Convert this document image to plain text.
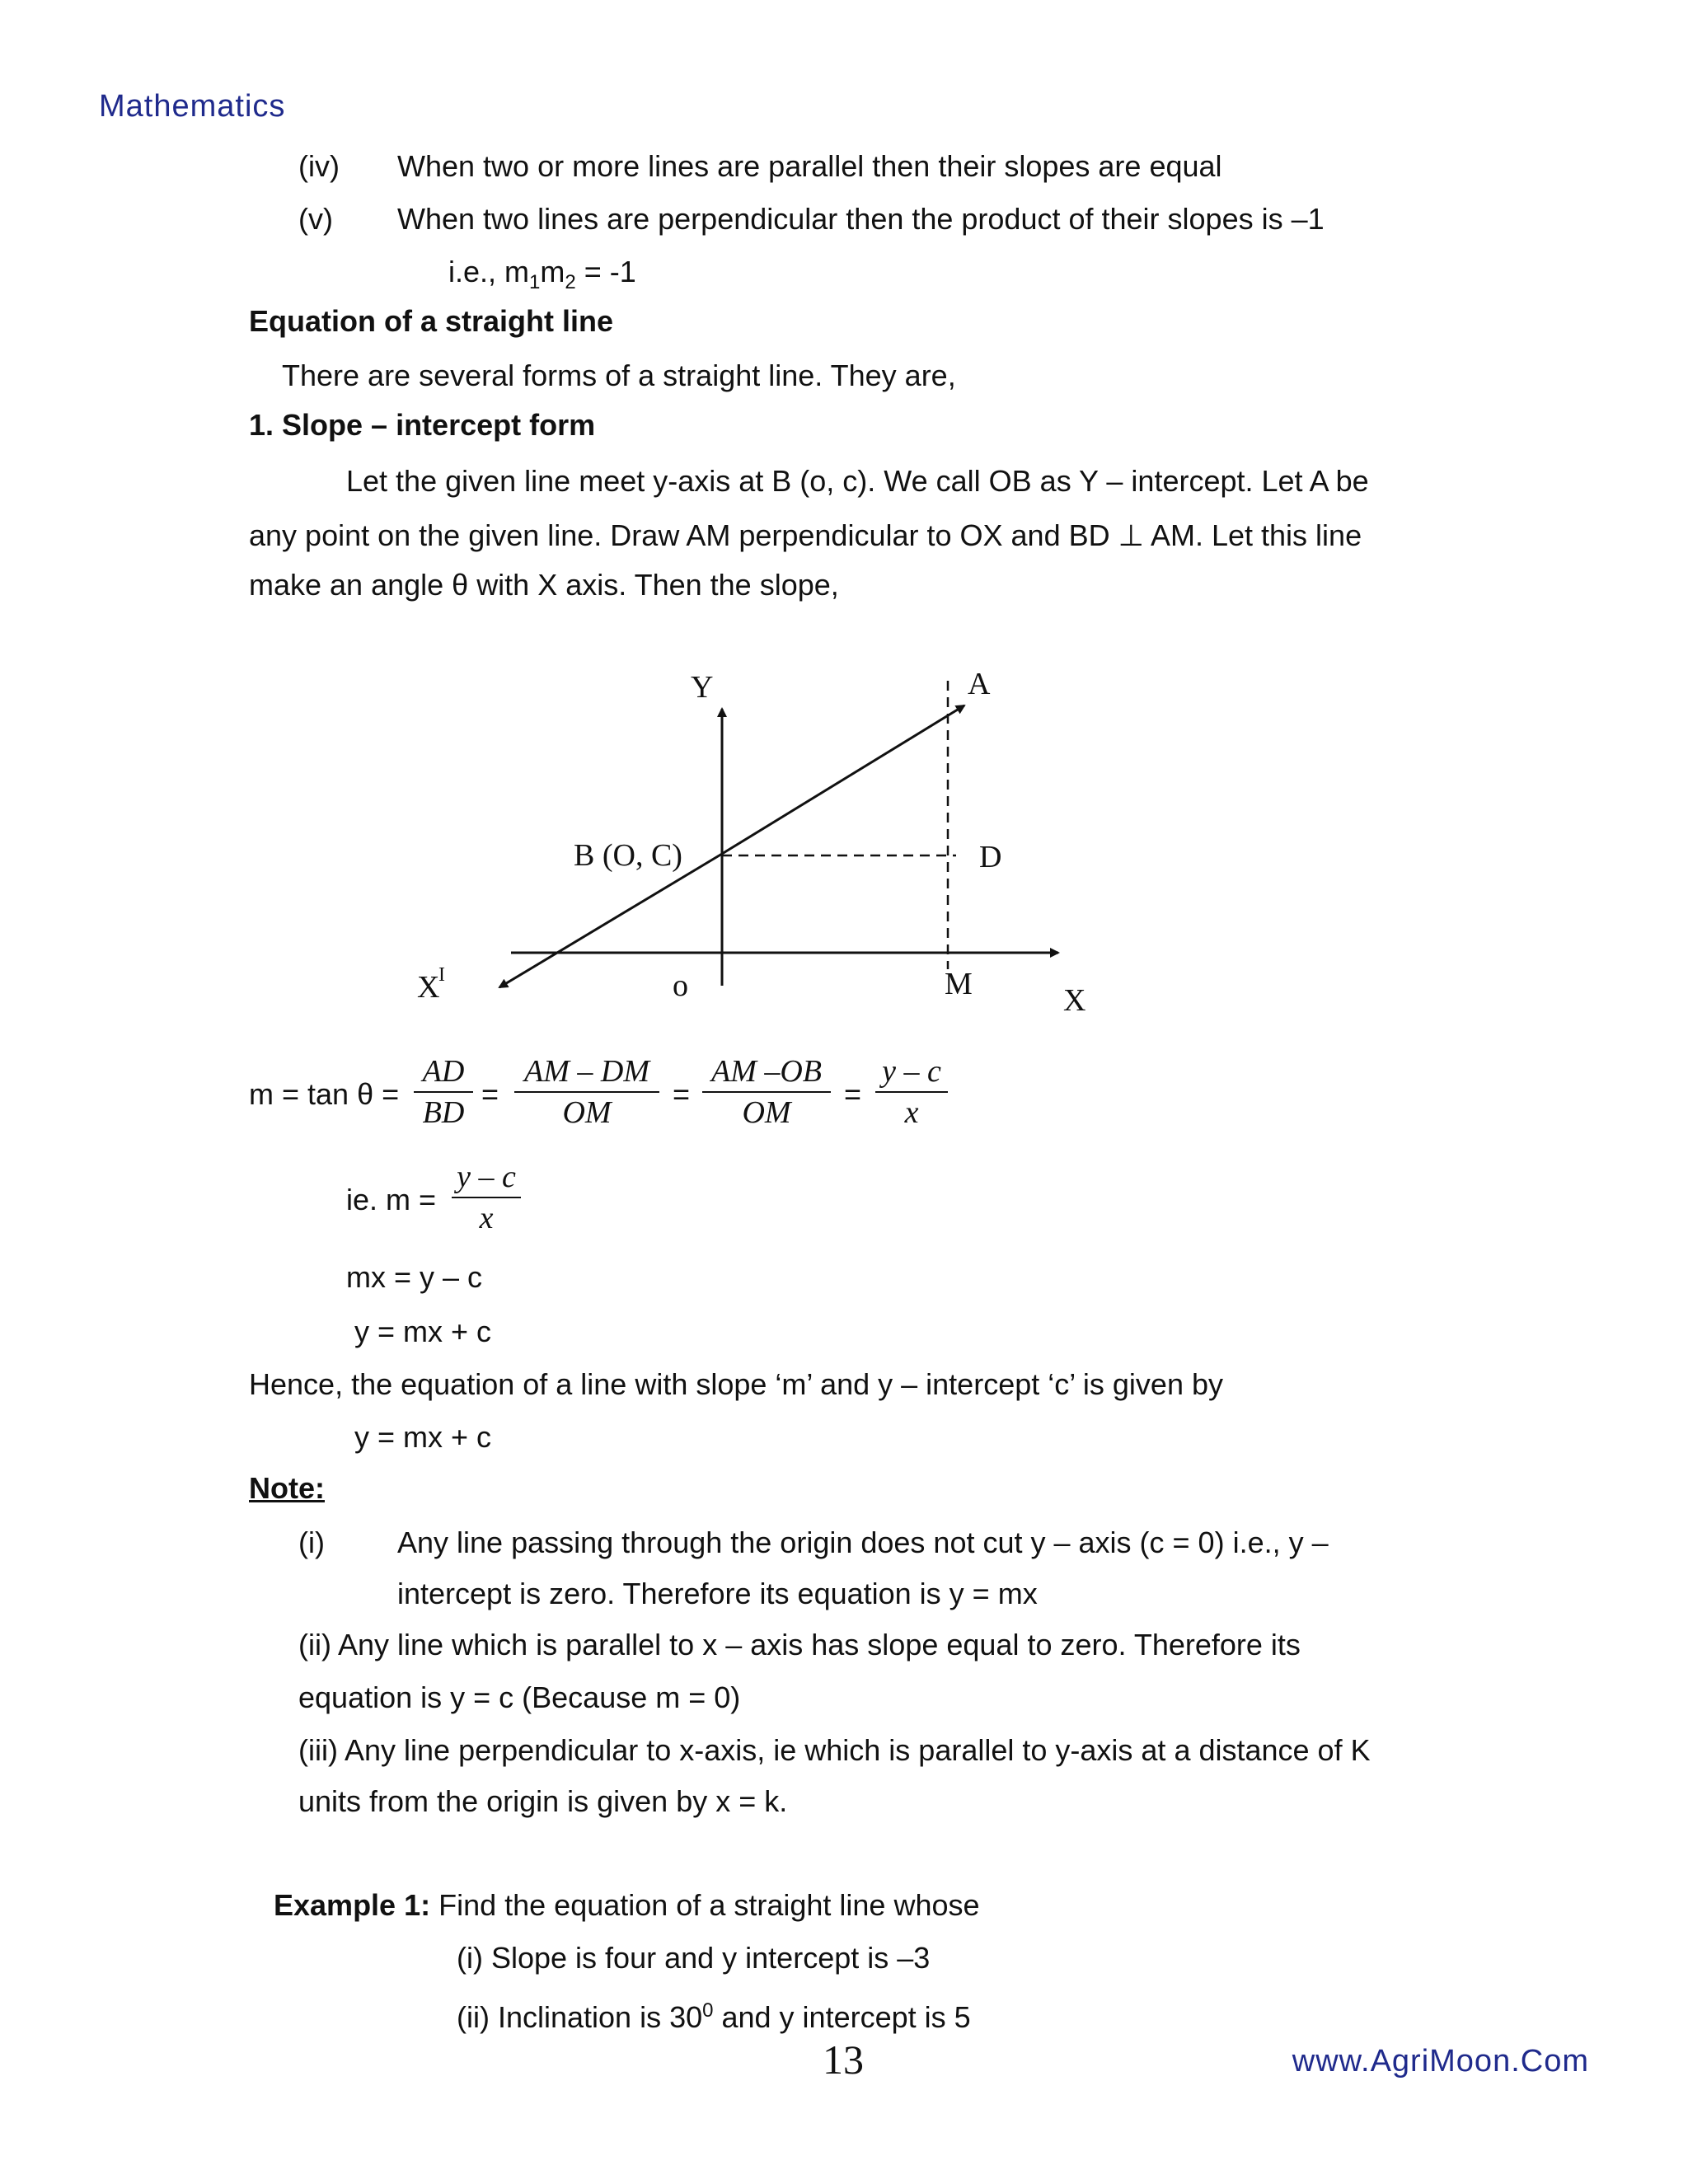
Mathematics
(iv) When two or more lines are parallel then their slopes are equal
(v) When two lines are perpendicular then the product of their slopes is –1
i.e., $m_1m_2 = -1$
Equation of a straight line
There are several forms of a straight line. They are,
1. Slope – intercept form
Let the given line meet y-axis at B (o, c). We call OB as Y – intercept. Let A be
any point on the given line. Draw AM perpendicular to OX and BD ⊥ AM. Let this line
make an angle θ with X axis. Then the slope,
Y	A
B (O, C)	D
X
I	o	M	X
$m = \tan \theta = \frac{AD}{BD} = \frac{AM - DM}{OM} = \frac{AM -OB}{OM} = \frac{y - c}{x}$
ie. $m = \frac{y - c}{x}$
mx = y – c
y = mx + c
Hence, the equation of a line with slope ‘m’ and y – intercept ‘c’ is given by
y = mx + c
Note:
(i) Any line passing through the origin does not cut y – axis (c = 0) i.e., y –
intercept is zero. Therefore its equation is y = mx
(ii) Any line which is parallel to x – axis has slope equal to zero. Therefore its
equation is y = c (Because m = 0)
(iii) Any line perpendicular to x-axis, ie which is parallel to y-axis at a distance of K
units from the origin is given by x = k.
Example 1: Find the equation of a straight line whose
(i) Slope is four and y intercept is –3
(ii) Inclination is $30^0$ and y intercept is 5
13	www.AgriMoon.Com
